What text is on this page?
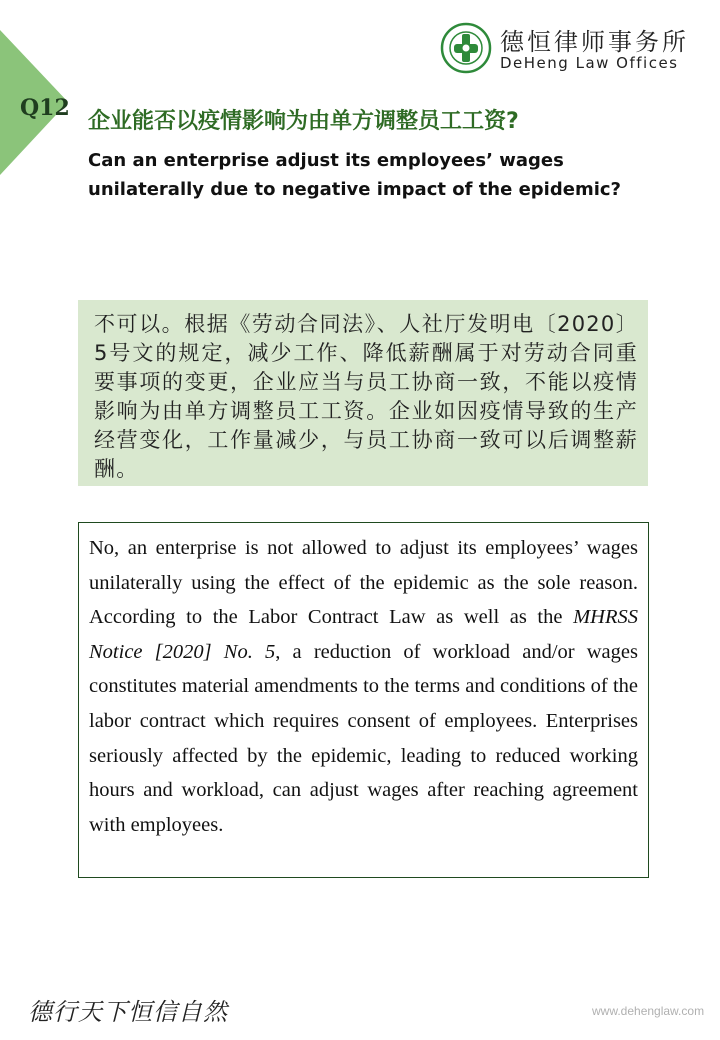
Q12
德恒律师事务所
DeHeng Law Offices
企业能否以疫情影响为由单方调整员工工资?
Can an enterprise adjust its employees’ wages unilaterally due to negative impact of the epidemic?

不可以。根据《劳动合同法》、人社厅发明电〔2020〕5号文的规定，减少工作、降低薪酬属于对劳动合同重要事项的变更，企业应当与员工协商一致，不能以疫情影响为由单方调整员工工资。企业如因疫情导致的生产经营变化，工作量减少，与员工协商一致可以后调整薪酬。

No, an enterprise is not allowed to adjust its employees’ wages unilaterally using the effect of the epidemic as the sole reason. According to the Labor Contract Law as well as the MHRSS Notice [2020] No. 5, a reduction of workload and/or wages constitutes material amendments to the terms and conditions of the labor contract which requires consent of employees. Enterprises seriously affected by the epidemic, leading to reduced working hours and workload, can adjust wages after reaching agreement with employees.

德行天下恒信自然	www.dehenglaw.com
